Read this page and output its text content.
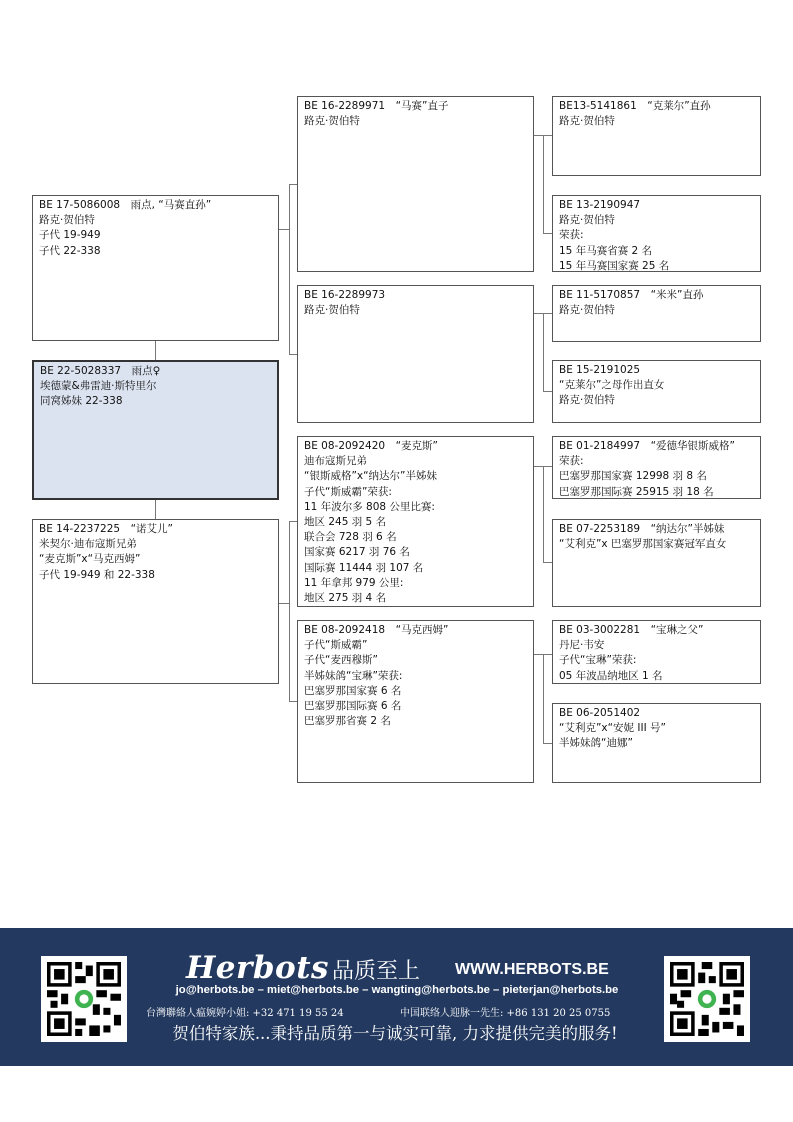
BE 17-5086008　雨点, “马赛直孙”
路克·贺伯特
子代 19-949
子代 22-338
BE 22-5028337　雨点♀
埃德蒙&弗雷迪·斯特里尔
同窝姊妹 22-338
BE 14-2237225　“诺艾儿”
米契尔·迪布寇斯兄弟
“麦克斯”x“马克西姆”
子代 19-949 和 22-338
BE 16-2289971　“马赛”直子
路克·贺伯特
BE 16-2289973
路克·贺伯特
BE 08-2092420　“麦克斯”
迪布寇斯兄弟
“银斯威格”x“纳达尔”半姊妹
子代“斯威霸”荣获:
11 年波尔多 808 公里比赛:
地区 245 羽 5 名
联合会 728 羽 6 名
国家赛 6217 羽 76 名
国际赛 11444 羽 107 名
11 年拿邦 979 公里:
地区 275 羽 4 名
BE 08-2092418　“马克西姆”
子代“斯威霸”
子代“麦西穆斯”
半姊妹鸽“宝琳”荣获:
巴塞罗那国家赛 6 名
巴塞罗那国际赛 6 名
巴塞罗那省赛 2 名
BE13-5141861　“克莱尔”直孙
路克·贺伯特
BE 13-2190947
路克·贺伯特
荣获:
15 年马赛省赛 2 名
15 年马赛国家赛 25 名
BE 11-5170857　“米米”直孙
路克·贺伯特
BE 15-2191025
“克莱尔”之母作出直女
路克·贺伯特
BE 01-2184997　“爱德华银斯威格”
荣获:
巴塞罗那国家赛 12998 羽 8 名
巴塞罗那国际赛 25915 羽 18 名
BE 07-2253189　“纳达尔”半姊妹
“艾利克”x 巴塞罗那国家赛冠军直女
BE 03-3002281　“宝琳之父”
丹尼·韦安
子代“宝琳”荣获:
05 年波品纳地区 1 名
BE 06-2051402
“艾利克”x“安妮 III 号”
半姊妹鸽“迪娜”
Herbots 品质至上 WWW.HERBOTS.BE
jo@herbots.be – miet@herbots.be – wangting@herbots.be – pieterjan@herbots.be
台灣聯絡人瘟婉婷小姐: +32 471 19 55 24	中国联络人迎脉一先生: +86 131 20 25 0755
贺伯特家族...秉持品质第一与诚实可靠, 力求提供完美的服务!
